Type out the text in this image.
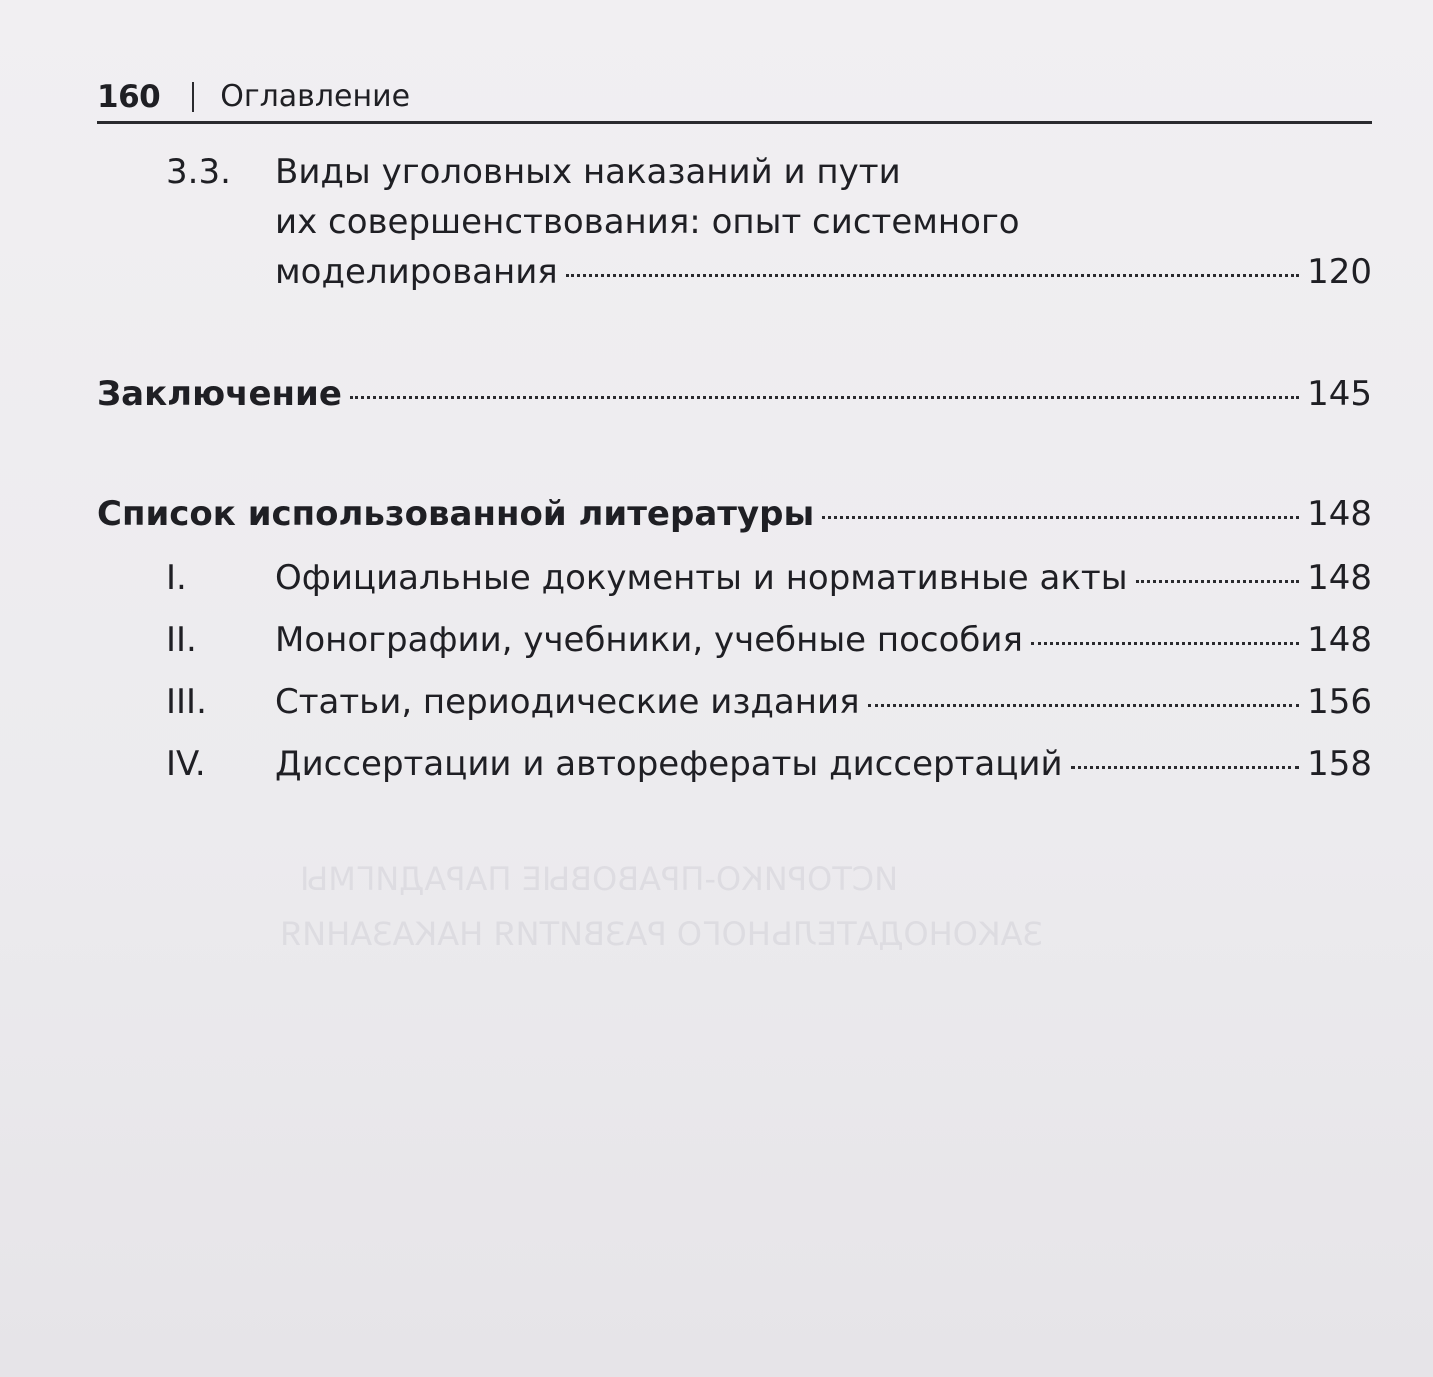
ИСТОРИКО-ПРАВОВЫЕ ПАРАДИГМЫ
ЗАКОНОДАТЕЛЬНОГО РАЗВИТИЯ НАКАЗАНИЯ
160 Оглавление
3.3. Виды уголовных наказаний и пути
их совершенствования: опыт системного
моделирования	120
Заключение	145
Список использованной литературы	148
I.	Официальные документы и нормативные акты	148
II. Монографии, учебники, учебные пособия	148
III. Статьи, периодические издания	156
IV. Диссертации и авторефераты диссертаций	158
